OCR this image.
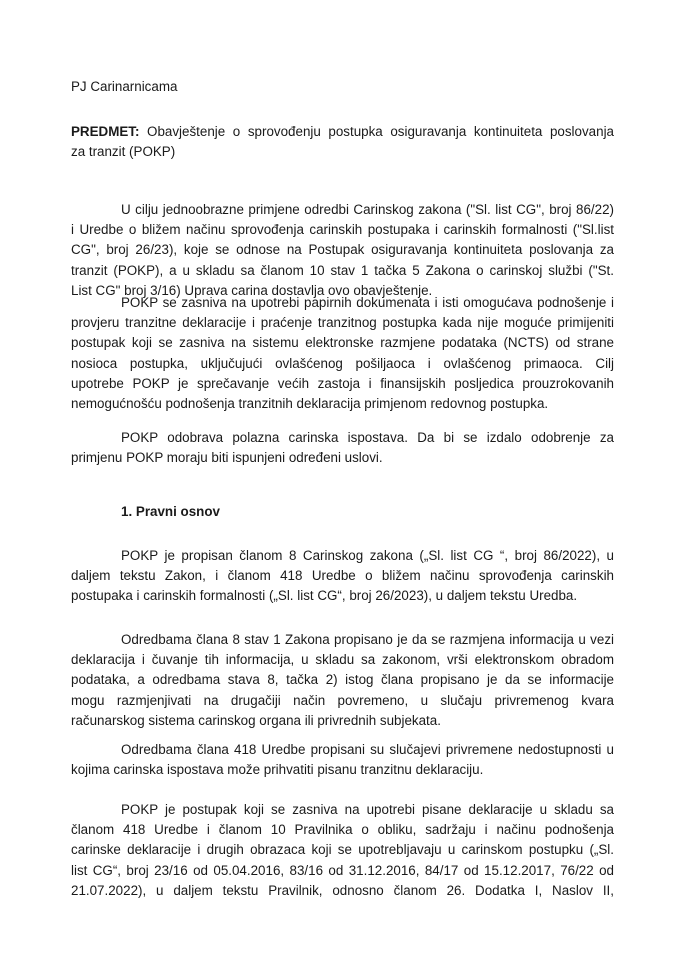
PJ Carinarnicama
PREDMET: Obavještenje o sprovođenju postupka osiguravanja kontinuiteta poslovanja
za tranzit (POKP)
U cilju jednoobrazne primjene odredbi Carinskog zakona ("Sl. list CG", broj 86/22)
i Uredbe o bližem načinu sprovođenja carinskih postupaka i carinskih formalnosti ("Sl.list
CG", broj 26/23), koje se odnose na Postupak osiguravanja kontinuiteta poslovanja za
tranzit (POKP), a u skladu sa članom 10 stav 1 tačka 5 Zakona o carinskoj službi ("St.
List CG" broj 3/16) Uprava carina dostavlja ovo obavještenje.
POKP se zasniva na upotrebi papirnih dokumenata i isti omogućava podnošenje i
provjeru tranzitne deklaracije i praćenje tranzitnog postupka kada nije moguće primijeniti
postupak koji se zasniva na sistemu elektronske razmjene podataka (NCTS) od strane
nosioca postupka, uključujući ovlašćenog pošiljaoca i ovlašćenog primaoca. Cilj
upotrebe POKP je sprečavanje većih zastoja i finansijskih posljedica prouzrokovanih
nemogućnošću podnošenja tranzitnih deklaracija primjenom redovnog postupka.
POKP odobrava polazna carinska ispostava. Da bi se izdalo odobrenje za
primjenu POKP moraju biti ispunjeni određeni uslovi.
1. Pravni osnov
POKP je propisan članom 8 Carinskog zakona („Sl. list CG “, broj 86/2022), u
daljem tekstu Zakon, i članom 418 Uredbe o bližem načinu sprovođenja carinskih
postupaka i carinskih formalnosti („Sl. list CG“, broj 26/2023), u daljem tekstu Uredba.
Odredbama člana 8 stav 1 Zakona propisano je da se razmjena informacija u vezi
deklaracija i čuvanje tih informacija, u skladu sa zakonom, vrši elektronskom obradom
podataka, a odredbama stava 8, tačka 2) istog člana propisano je da se informacije
mogu razmjenjivati na drugačiji način povremeno, u slučaju privremenog kvara
računarskog sistema carinskog organa ili privrednih subjekata.
Odredbama člana 418 Uredbe propisani su slučajevi privremene nedostupnosti u
kojima carinska ispostava može prihvatiti pisanu tranzitnu deklaraciju.
POKP je postupak koji se zasniva na upotrebi pisane deklaracije u skladu sa
članom 418 Uredbe i članom 10 Pravilnika o obliku, sadržaju i načinu podnošenja
carinske deklaracije i drugih obrazaca koji se upotrebljavaju u carinskom postupku („Sl.
list CG“, broj 23/16 od 05.04.2016, 83/16 od 31.12.2016, 84/17 od 15.12.2017, 76/22 od
21.07.2022), u daljem tekstu Pravilnik, odnosno članom 26. Dodatka I, Naslov II,
